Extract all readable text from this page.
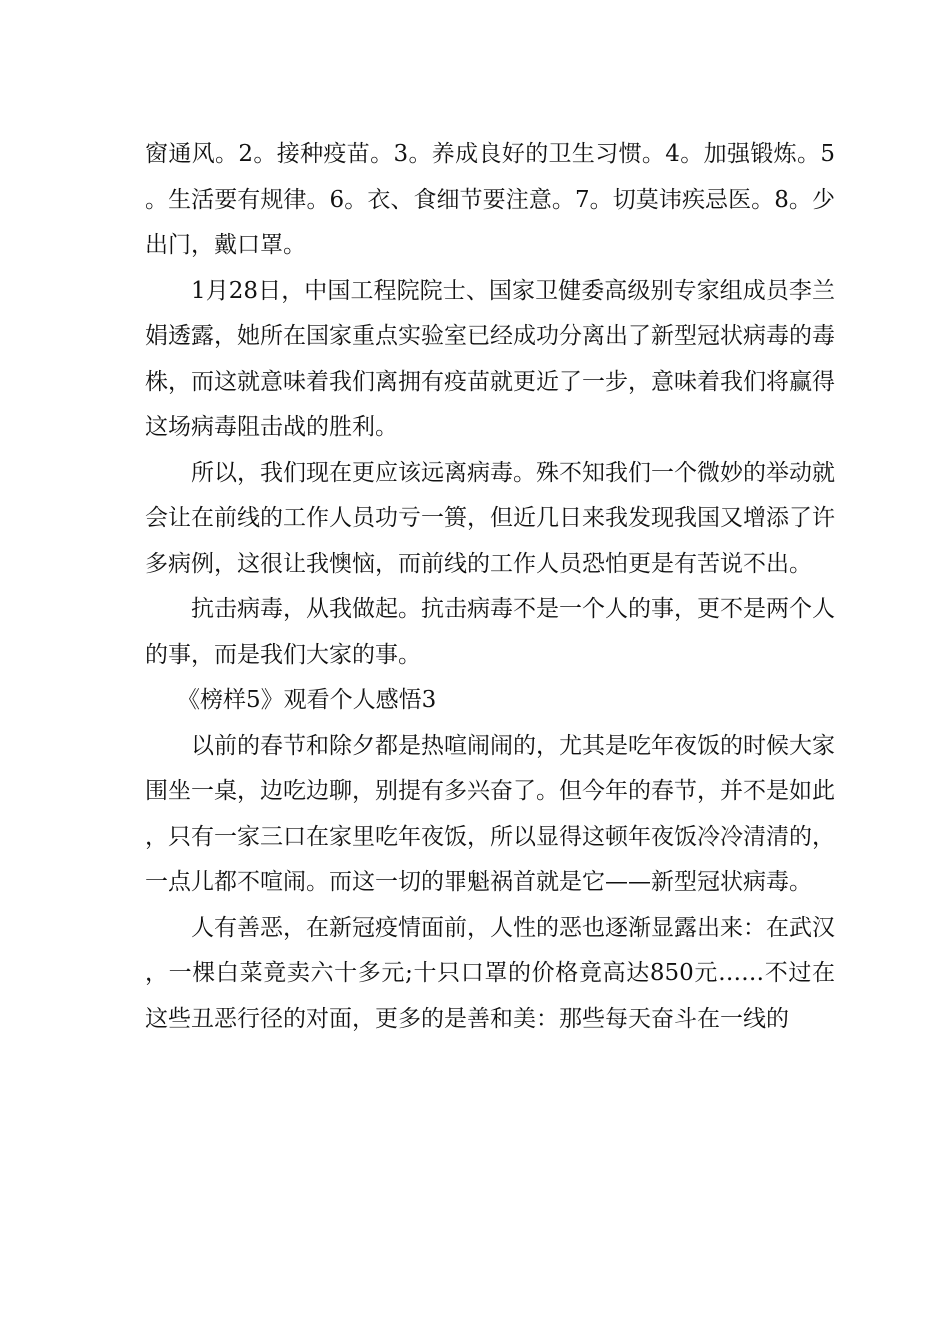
窗通风。2。接种疫苗。3。养成良好的卫生习惯。4。加强锻炼。5。生活要有规律。6。衣、食细节要注意。7。切莫讳疾忌医。8。少出门，戴口罩。

1月28日，中国工程院院士、国家卫健委高级别专家组成员李兰娟透露，她所在国家重点实验室已经成功分离出了新型冠状病毒的毒株，而这就意味着我们离拥有疫苗就更近了一步，意味着我们将赢得这场病毒阻击战的胜利。

所以，我们现在更应该远离病毒。殊不知我们一个微妙的举动就会让在前线的工作人员功亏一篑，但近几日来我发现我国又增添了许多病例，这很让我懊恼，而前线的工作人员恐怕更是有苦说不出。

抗击病毒，从我做起。抗击病毒不是一个人的事，更不是两个人的事，而是我们大家的事。

《榜样5》观看个人感悟3

以前的春节和除夕都是热喧闹闹的，尤其是吃年夜饭的时候大家围坐一桌，边吃边聊，别提有多兴奋了。但今年的春节，并不是如此，只有一家三口在家里吃年夜饭，所以显得这顿年夜饭冷冷清清的，一点儿都不喧闹。而这一切的罪魁祸首就是它——新型冠状病毒。

人有善恶，在新冠疫情面前，人性的恶也逐渐显露出来：在武汉，一棵白菜竟卖六十多元;十只口罩的价格竟高达850元……不过在这些丑恶行径的对面，更多的是善和美：那些每天奋斗在一线的
